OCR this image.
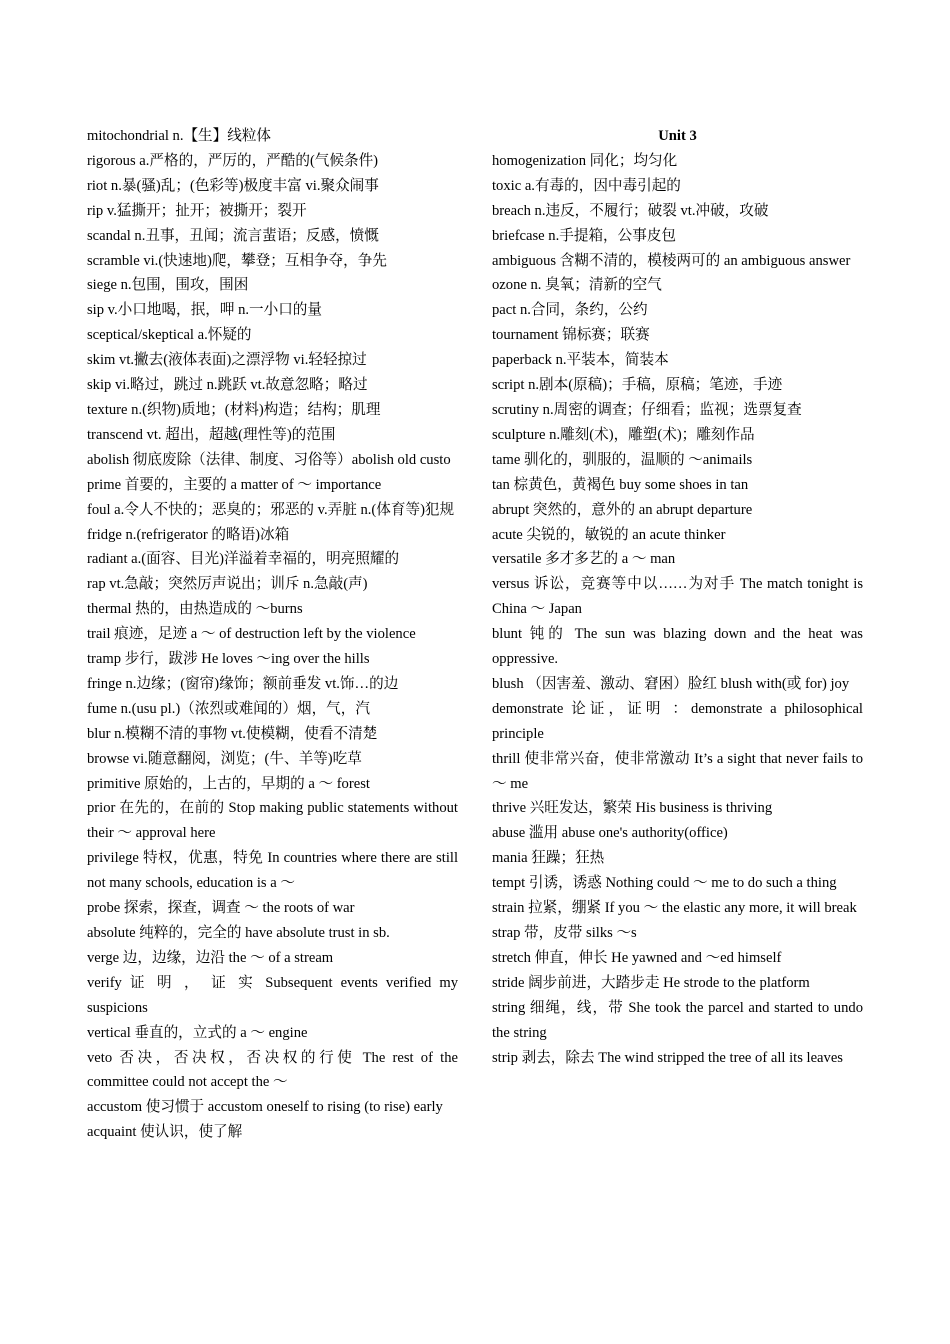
mitochondrial n.【生】线粒体

rigorous a.严格的，严厉的，严酷的(气候条件)

riot n.暴(骚)乱；(色彩等)极度丰富 vi.聚众闹事

rip v.猛撕开；扯开；被撕开；裂开

scandal n.丑事，丑闻；流言蜚语；反感，愤慨

scramble vi.(快速地)爬，攀登；互相争夺，争先

siege n.包围，围攻，围困

sip v.小口地喝，抿，呷 n.一小口的量

sceptical/skeptical a.怀疑的

skim vt.撇去(液体表面)之漂浮物 vi.轻轻掠过

skip vi.略过，跳过 n.跳跃 vt.故意忽略；略过

texture n.(织物)质地；(材料)构造；结构；肌理

transcend vt. 超出，超越(理性等)的范围

abolish 彻底废除（法律、制度、习俗等）abolish old custo

prime 首要的，主要的 a matter of ～ importance

foul a.令人不快的；恶臭的；邪恶的 v.弄脏 n.(体育等)犯规

fridge n.(refrigerator 的略语)冰箱

radiant a.(面容、目光)洋溢着幸福的，明亮照耀的

rap vt.急敲；突然厉声说出；训斥 n.急敲(声)

thermal 热的，由热造成的 ～burns

trail 痕迹，足迹 a ～ of destruction left by the violence

tramp 步行，跋涉 He loves ～ing over the hills

fringe n.边缘；(窗帘)缘饰；额前垂发 vt.饰…的边

fume n.(usu pl.)（浓烈或难闻的）烟，气，汽

blur n.模糊不清的事物 vt.使模糊，使看不清楚

browse vi.随意翻阅，浏览；(牛、羊等)吃草

primitive 原始的，上古的，早期的 a ～ forest

prior 在先的，在前的 Stop making public statements without their ～ approval here

privilege 特权，优惠，特免 In countries where there are still not many schools, education is a ～

probe 探索，探查，调查 ～ the roots of war

absolute 纯粹的，完全的 have absolute trust in sb.

verge 边，边缘，边沿 the ～ of a stream

verify 证 明 ， 证 实 Subsequent events verified my suspicions

vertical 垂直的，立式的 a ～ engine

veto 否决，否决权，否决权的行使 The rest of the committee could not accept the ～

accustom 使习惯于 accustom oneself to rising (to rise) early

acquaint 使认识，使了解

Unit 3

homogenization 同化；均匀化

toxic a.有毒的，因中毒引起的

breach n.违反，不履行；破裂 vt.冲破，攻破

briefcase n.手提箱，公事皮包

ambiguous 含糊不清的，模棱两可的 an ambiguous answer

ozone n. 臭氧；清新的空气

pact n.合同，条约，公约

tournament 锦标赛；联赛

paperback n.平装本，简装本

script n.剧本(原稿)；手稿，原稿；笔迹，手迹

scrutiny n.周密的调查；仔细看；监视；选票复查

sculpture n.雕刻(术)，雕塑(术)；雕刻作品

tame 驯化的，驯服的，温顺的 ～animails

tan 棕黄色，黄褐色 buy some shoes in tan

abrupt 突然的，意外的 an abrupt departure

acute 尖锐的，敏锐的 an acute thinker

versatile 多才多艺的 a ～ man

versus 诉讼，竞赛等中以……为对手 The match tonight is China ～ Japan

blunt 钝的 The sun was blazing down and the heat was oppressive.

blush （因害羞、激动、窘困）脸红 blush with(或 for) joy

demonstrate 论证，证明 ：demonstrate a philosophical principle

thrill 使非常兴奋，使非常激动 It’s a sight that never fails to ～ me

thrive 兴旺发达，繁荣 His business is thriving

abuse 滥用 abuse one's authority(office)

mania 狂躁；狂热

tempt 引诱，诱惑 Nothing could ～ me to do such a thing

strain 拉紧，绷紧 If you ～ the elastic any more, it will break

strap 带，皮带 silks ～s

stretch 伸直，伸长 He yawned and ～ed himself

stride 阔步前进，大踏步走 He strode to the platform

string 细绳，线，带 She took the parcel and started to undo the string

strip 剥去，除去 The wind stripped the tree of all its leaves
